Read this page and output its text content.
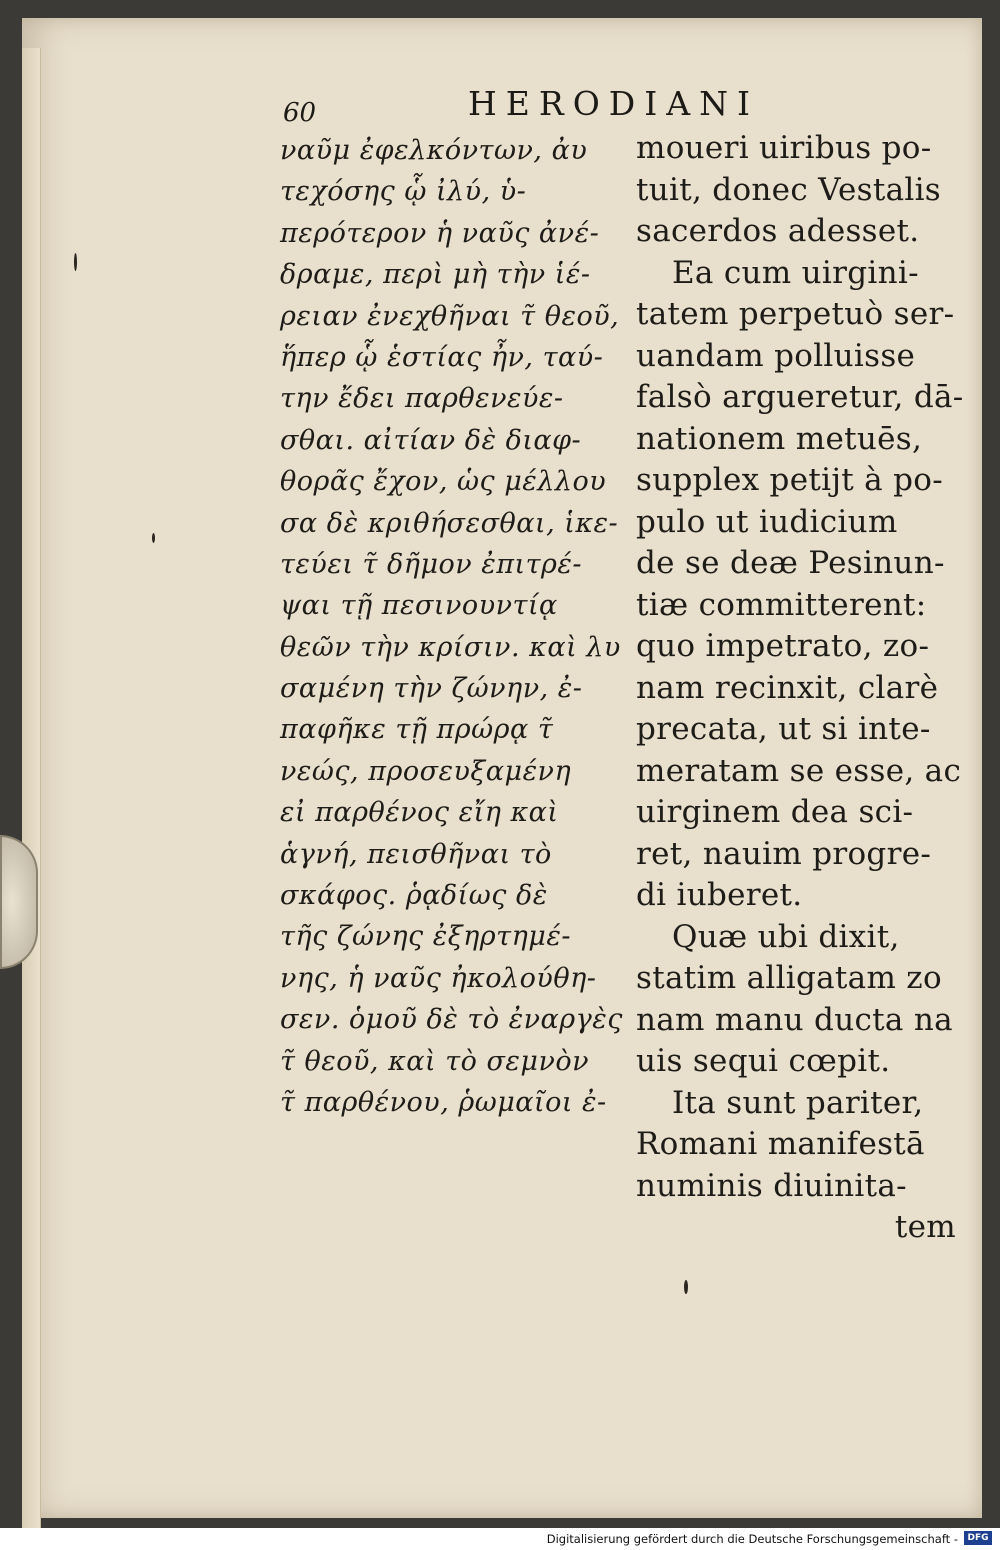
60	HERODIANI
ναῦμ ἐφελκόντων, ἀυ
τεχόσης ᾧ ἰλύ, ὑ-
περότερον ἡ ναῦς ἀνέ-
δραμε, περὶ μὴ τὴν ἱέ-
ρειαν ἐνεχθῆναι τ̃ θεοῦ,
ἥπερ ᾧ ἑστίας ἦν, ταύ-
την ἔδει παρθενεύε-
σθαι. αἰτίαν δὲ διαφ-
θορᾶς ἔχον, ὡς μέλλου
σα δὲ κριθήσεσθαι, ἱκε-
τεύει τ̃ δῆμον ἐπιτρέ-
ψαι τῇ πεσινουντίᾳ
θεῶν τὴν κρίσιν. καὶ λυ
σαμένη τὴν ζώνην, ἐ-
παφῆκε τῇ πρώρᾳ τ̃
νεώς, προσευξαμένη
εἰ παρθένος εἴη καὶ
ἁγνή, πεισθῆναι τὸ
σκάφος. ῥᾳδίως δὲ
τῆς ζώνης ἐξηρτημέ-
νης, ἡ ναῦς ἠκολούθη-
σεν. ὁμοῦ δὲ τὸ ἐναργὲς
τ̃ θεοῦ, καὶ τὸ σεμνὸν
τ̃ παρθένου, ῥωμαῖοι ἐ-
moueri uiribus po-
tuit, donec Vestalis
sacerdos adesset.
Ea cum uirgini-
tatem perpetuò ser-
uandam polluisse
falsò argueretur, dā-
nationem metuēs,
supplex petijt à po-
pulo ut iudicium
de se deæ Pesinun-
tiæ committerent:
quo impetrato, zo-
nam recinxit, clarè
precata, ut si inte-
meratam se esse, ac
uirginem dea sci-
ret, nauim progre-
di iuberet.
Quæ ubi dixit,
statim alligatam zo
nam manu ducta na
uis sequi cœpit.
Ita sunt pariter,
Romani manifestā
numinis diuinita-
tem
Digitalisierung gefördert durch die Deutsche Forschungsgemeinschaft -	DFG
